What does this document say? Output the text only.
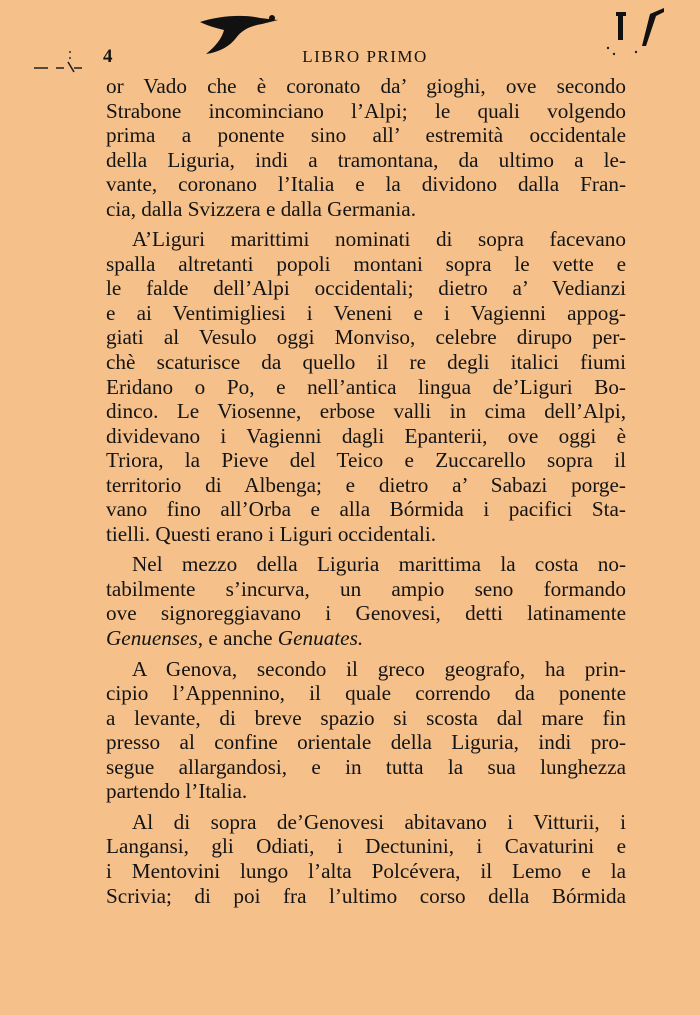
4	LIBRO PRIMO
or Vado che è coronato da’ gioghi, ove secondo
Strabone incominciano l’Alpi; le quali volgendo
prima a ponente sino all’ estremità occidentale
della Liguria, indi a tramontana, da ultimo a le-
vante, coronano l’Italia e la dividono dalla Fran-
cia, dalla Svizzera e dalla Germania.
A’Liguri marittimi nominati di sopra facevano
spalla altretanti popoli montani sopra le vette e
le falde dell’Alpi occidentali; dietro a’ Vedianzi
e ai Ventimigliesi i Veneni e i Vagienni appog-
giati al Vesulo oggi Monviso, celebre dirupo per-
chè scaturisce da quello il re degli italici fiumi
Eridano o Po, e nell’antica lingua de’Liguri Bo-
dinco. Le Viosenne, erbose valli in cima dell’Alpi,
dividevano i Vagienni dagli Epanterii, ove oggi è
Triora, la Pieve del Teico e Zuccarello sopra il
territorio di Albenga; e dietro a’ Sabazi porge-
vano fino all’Orba e alla Bórmida i pacifici Sta-
tielli. Questi erano i Liguri occidentali.
Nel mezzo della Liguria marittima la costa no-
tabilmente s’incurva, un ampio seno formando
ove signoreggiavano i Genovesi, detti latinamente
Genuenses, e anche Genuates.
A Genova, secondo il greco geografo, ha prin-
cipio l’Appennino, il quale correndo da ponente
a levante, di breve spazio si scosta dal mare fin
presso al confine orientale della Liguria, indi pro-
segue allargandosi, e in tutta la sua lunghezza
partendo l’Italia.
Al di sopra de’Genovesi abitavano i Vitturii, i
Langansi, gli Odiati, i Dectunini, i Cavaturini e
i Mentovini lungo l’alta Polcévera, il Lemo e la
Scrivia; di poi fra l’ultimo corso della Bórmida
